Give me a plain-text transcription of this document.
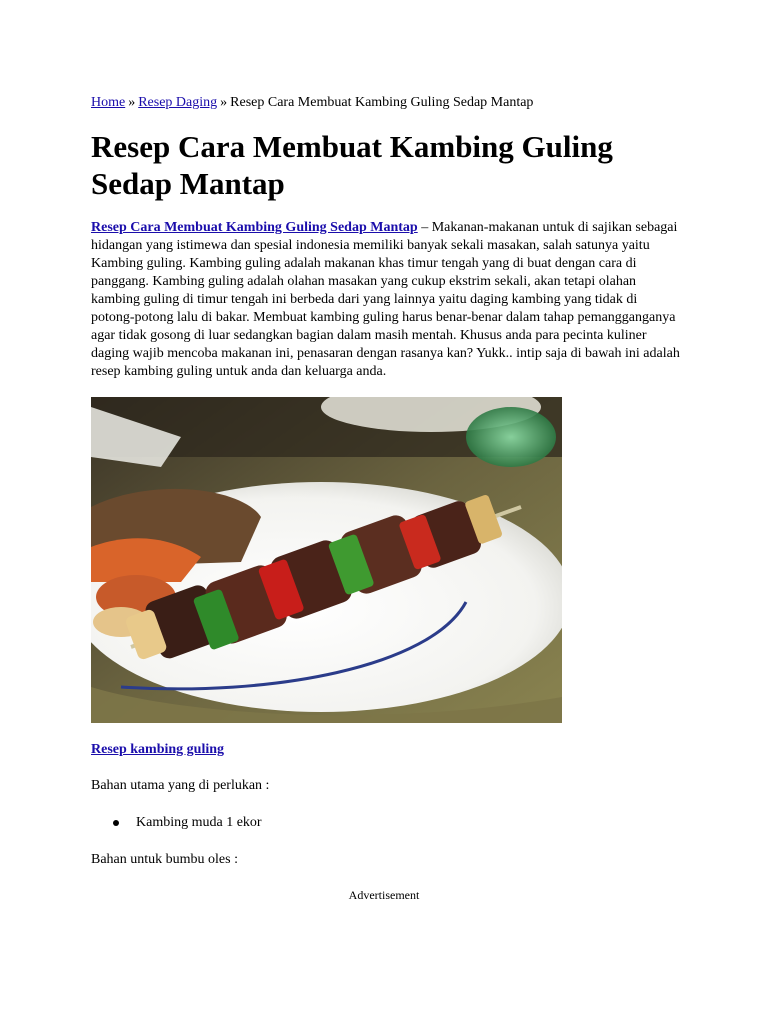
Home » Resep Daging » Resep Cara Membuat Kambing Guling Sedap Mantap
Resep Cara Membuat Kambing Guling Sedap Mantap

Resep Cara Membuat Kambing Guling Sedap Mantap – Makanan-makanan untuk di sajikan sebagai hidangan yang istimewa dan spesial indonesia memiliki banyak sekali masakan, salah satunya yaitu Kambing guling. Kambing guling adalah makanan khas timur tengah yang di buat dengan cara di panggang. Kambing guling adalah olahan masakan yang cukup ekstrim sekali, akan tetapi olahan kambing guling di timur tengah ini berbeda dari yang lainnya yaitu daging kambing yang tidak di potong-potong lalu di bakar. Membuat kambing guling harus benar-benar dalam tahap pemangganganya agar tidak gosong di luar sedangkan bagian dalam masih mentah. Khusus anda para pecinta kuliner daging wajib mencoba makanan ini, penasaran dengan rasanya kan? Yukk.. intip saja di bawah ini adalah resep kambing guling untuk anda dan keluarga anda.

Resep kambing guling

Bahan utama yang di perlukan :

Kambing muda 1 ekor

Bahan untuk bumbu oles :

Advertisement
